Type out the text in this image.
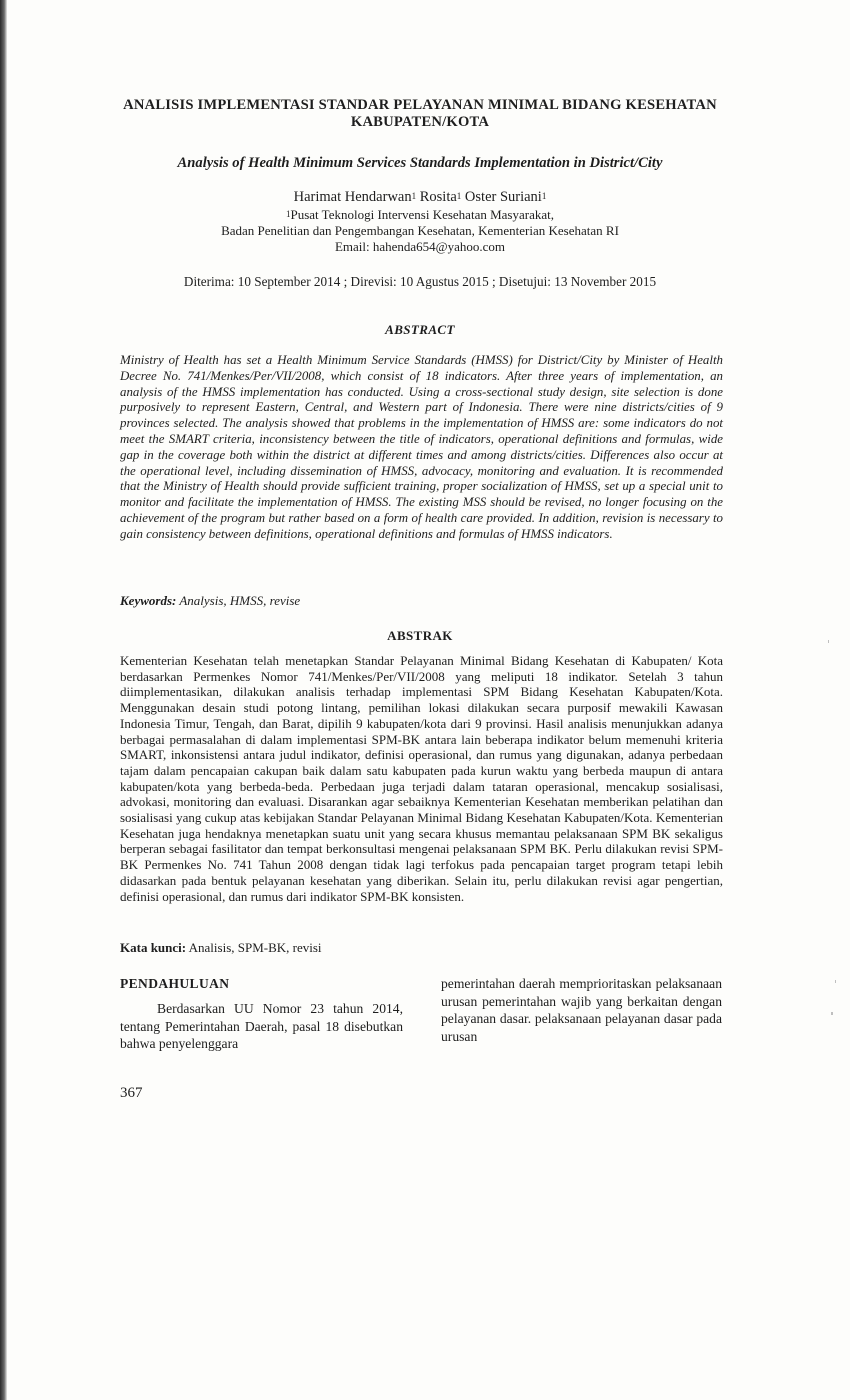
ANALISIS IMPLEMENTASI STANDAR PELAYANAN MINIMAL BIDANG KESEHATAN KABUPATEN/KOTA
Analysis of Health Minimum Services Standards Implementation in District/City
Harimat Hendarwan$^1$ Rosita$^1$ Oster Suriani$^1$
$^1$Pusat Teknologi Intervensi Kesehatan Masyarakat,
Badan Penelitian dan Pengembangan Kesehatan, Kementerian Kesehatan RI
Email: hahenda654@yahoo.com
Diterima: 10 September 2014 ; Direvisi: 10 Agustus 2015 ; Disetujui: 13 November 2015
ABSTRACT

Ministry of Health has set a Health Minimum Service Standards (HMSS) for District/City by Minister of Health Decree No. 741/Menkes/Per/VII/2008, which consist of 18 indicators. After three years of implementation, an analysis of the HMSS implementation has conducted. Using a cross-sectional study design, site selection is done purposively to represent Eastern, Central, and Western part of Indonesia. There were nine districts/cities of 9 provinces selected. The analysis showed that problems in the implementation of HMSS are: some indicators do not meet the SMART criteria, inconsistency between the title of indicators, operational definitions and formulas, wide gap in the coverage both within the district at different times and among districts/cities. Differences also occur at the operational level, including dissemination of HMSS, advocacy, monitoring and evaluation. It is recommended that the Ministry of Health should provide sufficient training, proper socialization of HMSS, set up a special unit to monitor and facilitate the implementation of HMSS. The existing MSS should be revised, no longer focusing on the achievement of the program but rather based on a form of health care provided. In addition, revision is necessary to gain consistency between definitions, operational definitions and formulas of HMSS indicators.

Keywords: Analysis, HMSS, revise
ABSTRAK

Kementerian Kesehatan telah menetapkan Standar Pelayanan Minimal Bidang Kesehatan di Kabupaten/ Kota berdasarkan Permenkes Nomor 741/Menkes/Per/VII/2008 yang meliputi 18 indikator. Setelah 3 tahun diimplementasikan, dilakukan analisis terhadap implementasi SPM Bidang Kesehatan Kabupaten/Kota. Menggunakan desain studi potong lintang, pemilihan lokasi dilakukan secara purposif mewakili Kawasan Indonesia Timur, Tengah, dan Barat, dipilih 9 kabupaten/kota dari 9 provinsi. Hasil analisis menunjukkan adanya berbagai permasalahan di dalam implementasi SPM-BK antara lain beberapa indikator belum memenuhi kriteria SMART, inkonsistensi antara judul indikator, definisi operasional, dan rumus yang digunakan, adanya perbedaan tajam dalam pencapaian cakupan baik dalam satu kabupaten pada kurun waktu yang berbeda maupun di antara kabupaten/kota yang berbeda-beda. Perbedaan juga terjadi dalam tataran operasional, mencakup sosialisasi, advokasi, monitoring dan evaluasi. Disarankan agar sebaiknya Kementerian Kesehatan memberikan pelatihan dan sosialisasi yang cukup atas kebijakan Standar Pelayanan Minimal Bidang Kesehatan Kabupaten/Kota. Kementerian Kesehatan juga hendaknya menetapkan suatu unit yang secara khusus memantau pelaksanaan SPM BK sekaligus berperan sebagai fasilitator dan tempat berkonsultasi mengenai pelaksanaan SPM BK. Perlu dilakukan revisi SPM-BK Permenkes No. 741 Tahun 2008 dengan tidak lagi terfokus pada pencapaian target program tetapi lebih didasarkan pada bentuk pelayanan kesehatan yang diberikan. Selain itu, perlu dilakukan revisi agar pengertian, definisi operasional, dan rumus dari indikator SPM-BK konsisten.

Kata kunci: Analisis, SPM-BK, revisi
PENDAHULUAN

Berdasarkan UU Nomor 23 tahun 2014, tentang Pemerintahan Daerah, pasal 18 disebutkan bahwa penyelenggara

pemerintahan daerah memprioritaskan pelaksanaan urusan pemerintahan wajib yang berkaitan dengan pelayanan dasar. pelaksanaan pelayanan dasar pada urusan

367
